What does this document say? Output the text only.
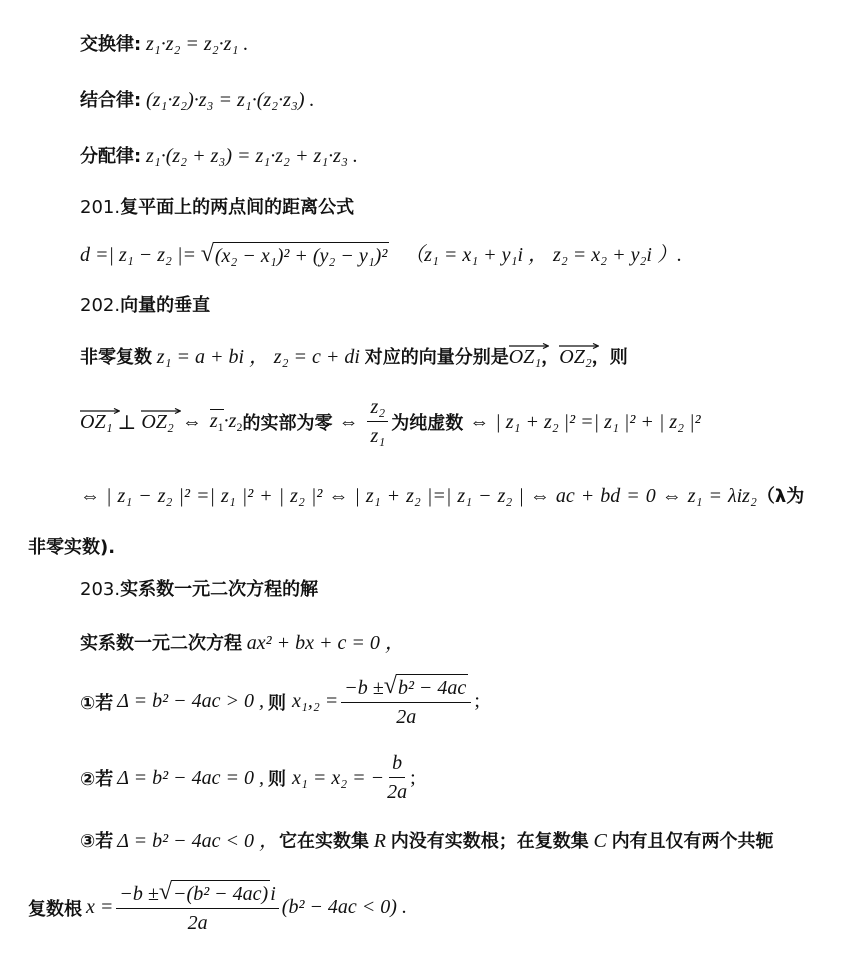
交换律: z₁·z₂ = z₂·z₁ .
结合律: (z₁·z₂)·z₃ = z₁·(z₂·z₃) .
分配律: z₁·(z₂ + z₃) = z₁·z₂ + z₁·z₃ .
201.复平面上的两点间的距离公式
d =| z₁ − z₂ |= √ (x₂ − x₁)² + (y₂ − y₁)² （z₁ = x₁ + y₁i ， z₂ = x₂ + y₂i ）.
202.向量的垂直
非零复数 z₁ = a + bi ， z₂ = c + di 对应的向量分别是
OZ₁，
OZ₂，则
OZ₁ ⊥ OZ₂ ⇔ $z_1\cdot z_2$ 的实部为零 ⇔ $\frac{\text{z₂}}{\text{z₁}}$ 为纯虚数 ⇔ | z₁ + z₂ |² =| z₁ |² + | z₂ |²
⇔ | z₁ − z₂ |² =| z₁ |² + | z₂ |² ⇔ | z₁ + z₂ |=| z₁ − z₂ | ⇔ ac + bd = 0 ⇔ z₁ = λiz₂（λ为
非零实数).
203.实系数一元二次方程的解
实系数一元二次方程 ax² + bx + c = 0 ，
①若 Δ = b² − 4ac > 0 , 则 $x_1,_2 = \frac{\text{−b ± √ b² − 4ac}}{2a}$ ;
②若 Δ = b² − 4ac = 0 , 则 x₁ = x₂ = − $\frac{b}{2a}$ ;
③若 Δ = b² − 4ac < 0 ，它在实数集 R 内没有实数根；在复数集 C 内有且仅有两个共轭
复数根 $x = \frac{\text{−b ± √ −(b² − 4ac) i}}{2a} (b^2 - 4ac < 0)$ .
